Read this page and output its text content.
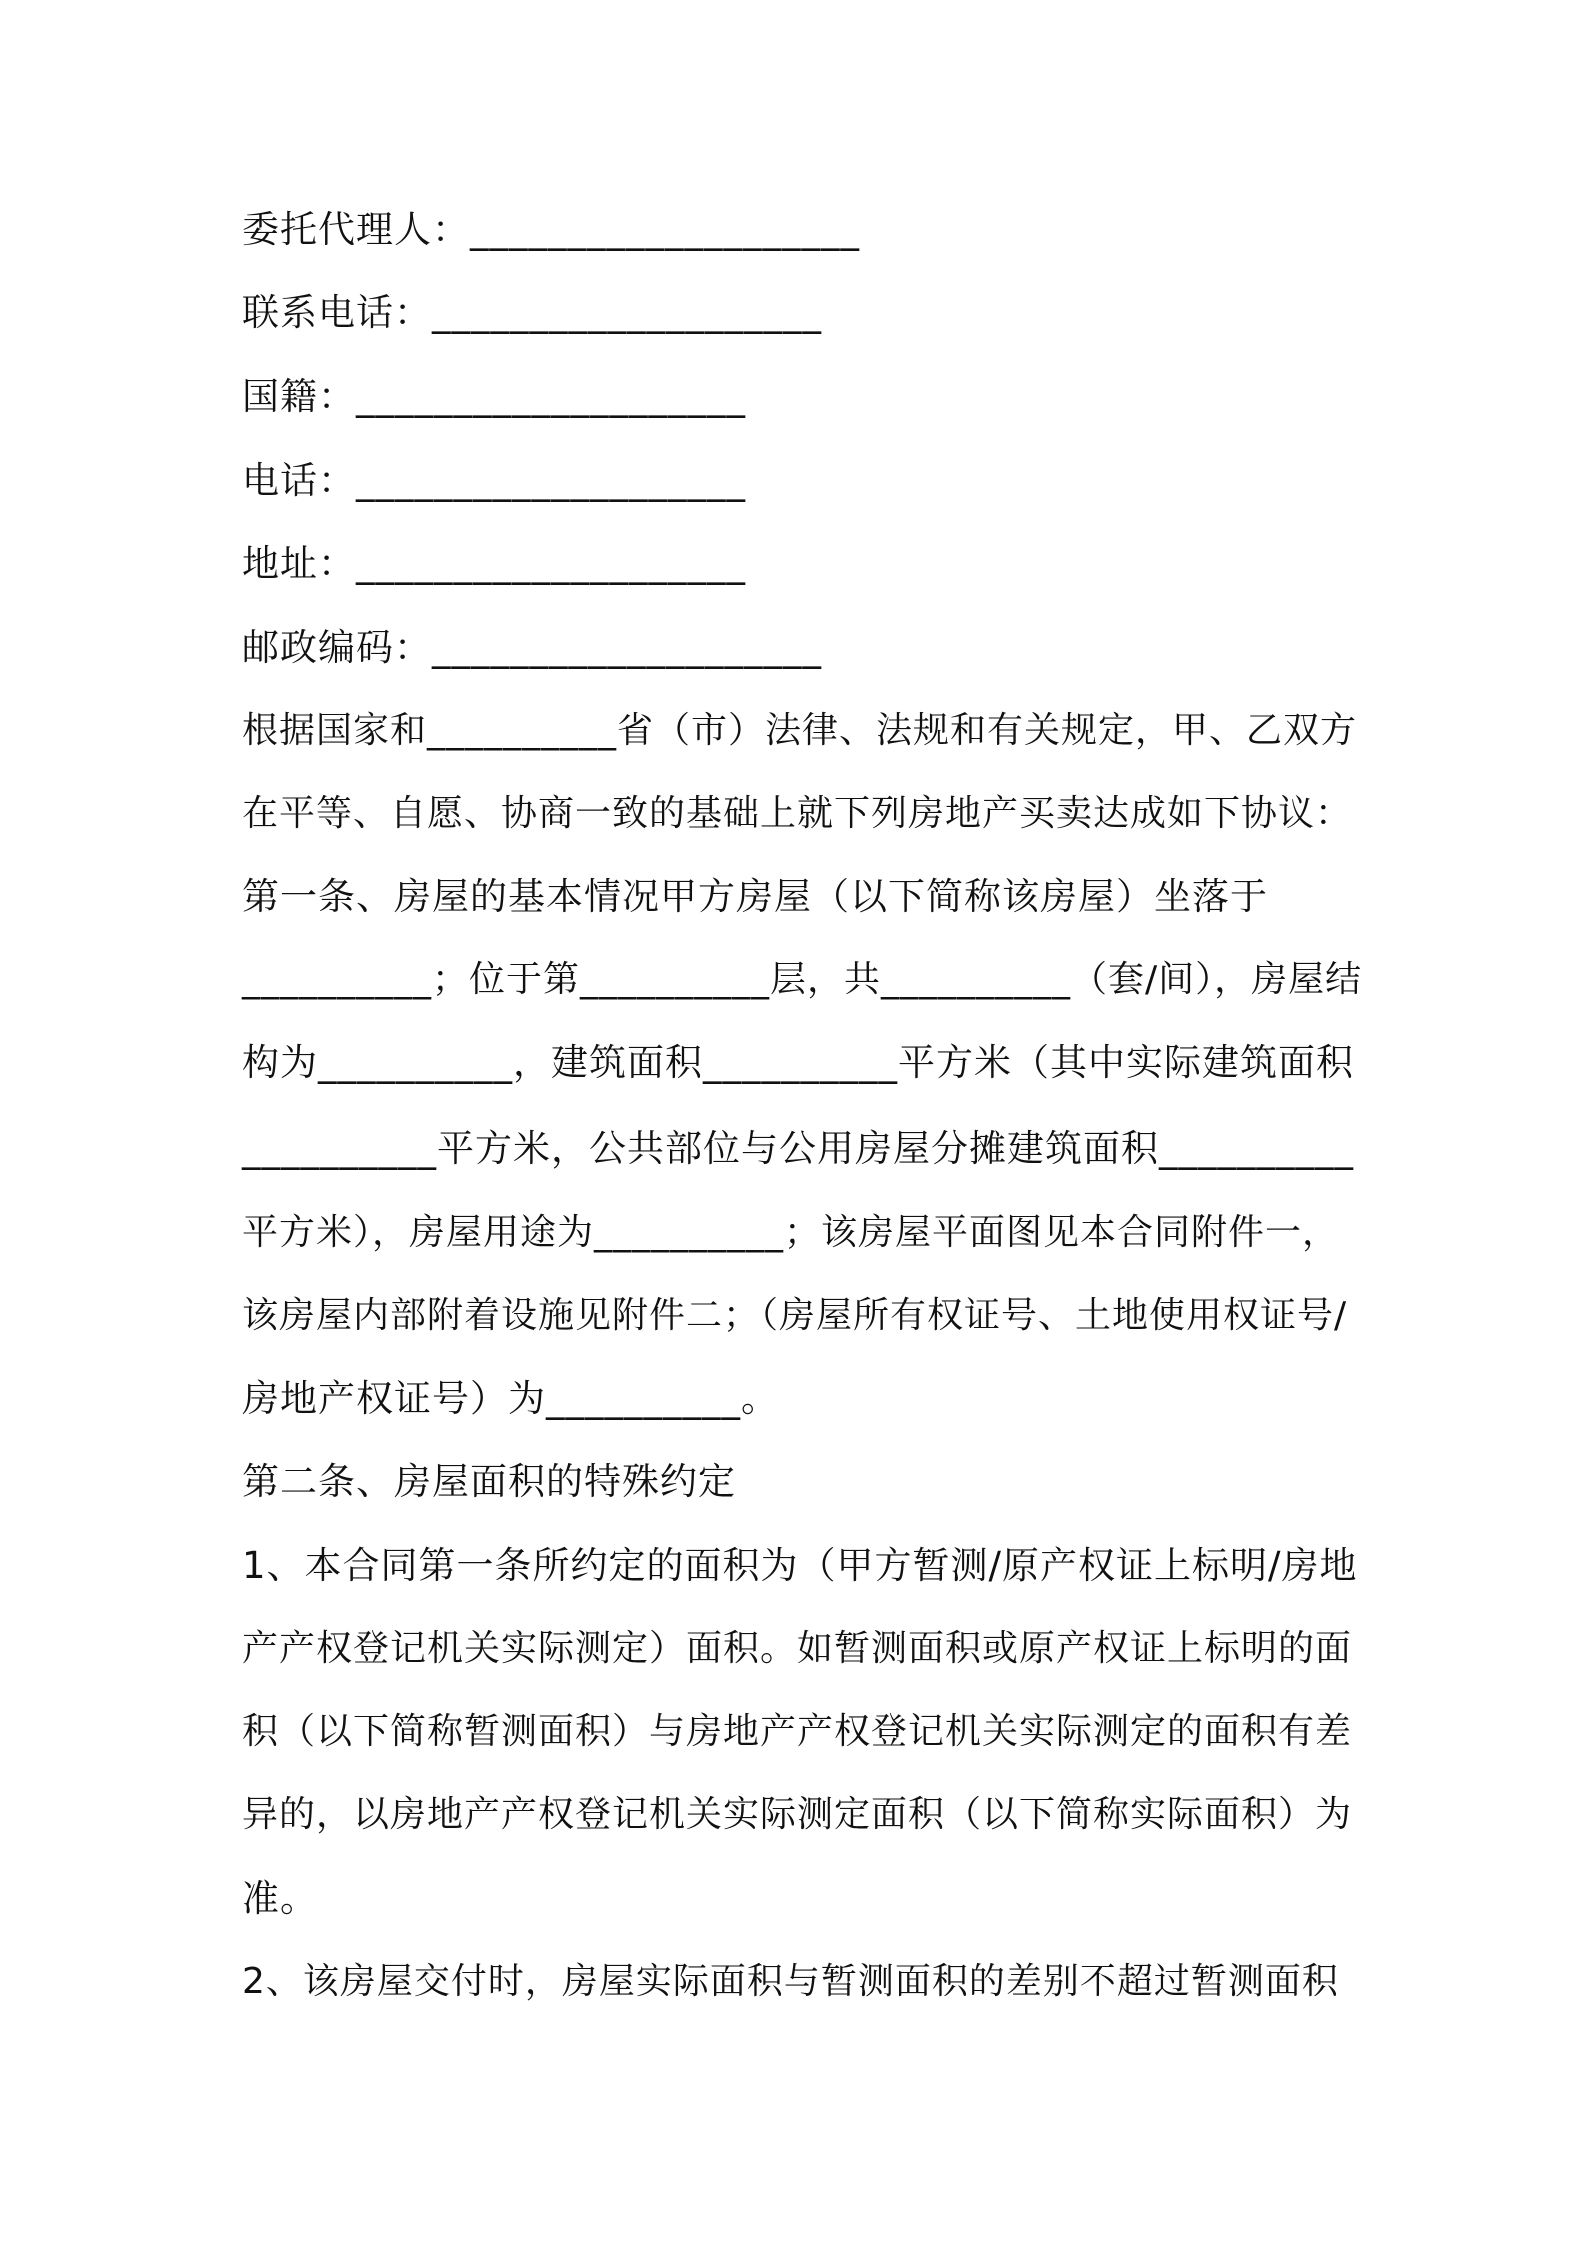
委托代理人：____________________
联系电话：____________________
国籍：____________________
电话：____________________
地址：____________________
邮政编码：____________________
根据国家和__________省（市）法律、法规和有关规定，甲、乙双方
在平等、自愿、协商一致的基础上就下列房地产买卖达成如下协议：
第一条、房屋的基本情况甲方房屋（以下简称该房屋）坐落于
__________；位于第__________层，共__________（套/间），房屋结
构为__________，建筑面积__________平方米（其中实际建筑面积
__________平方米，公共部位与公用房屋分摊建筑面积__________
平方米），房屋用途为__________；该房屋平面图见本合同附件一，
该房屋内部附着设施见附件二；（房屋所有权证号、土地使用权证号/
房地产权证号）为__________。
第二条、房屋面积的特殊约定
1、本合同第一条所约定的面积为（甲方暂测/原产权证上标明/房地
产产权登记机关实际测定）面积。如暂测面积或原产权证上标明的面
积（以下简称暂测面积）与房地产产权登记机关实际测定的面积有差
异的，以房地产产权登记机关实际测定面积（以下简称实际面积）为
准。
2、该房屋交付时，房屋实际面积与暂测面积的差别不超过暂测面积
